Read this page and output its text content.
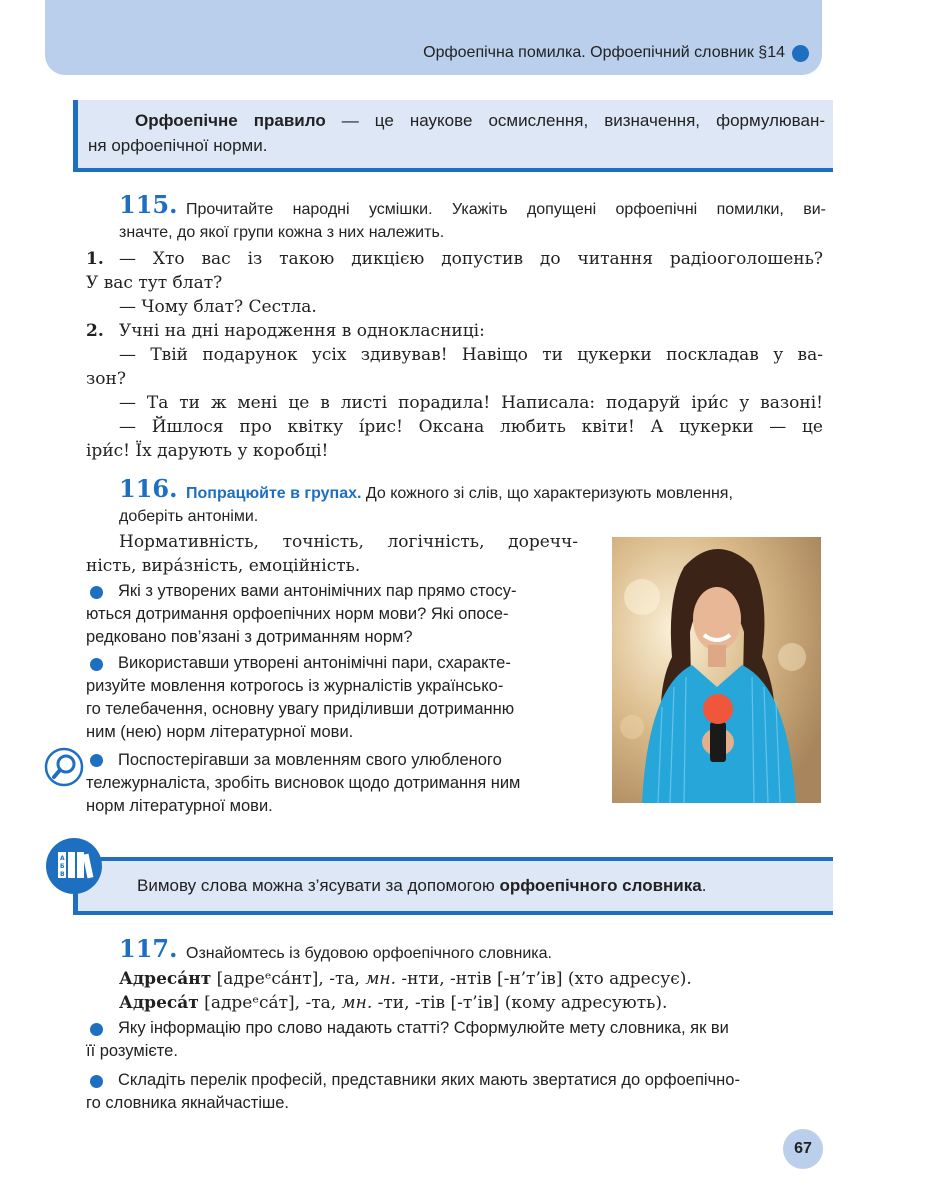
Орфоепічна помилка. Орфоепічний словник §14
Орфоепічне правило — це наукове осмислення, визначення, формулюван-
ня орфоепічної норми.
115. Прочитайте народні усмішки. Укажіть допущені орфоепічні помилки, ви-
значте, до якої групи кожна з них належить.
1. — Хто вас із такою дикцією допустив до читання радіооголошень?
У вас тут блат?
— Чому блат? Сестла.
2. Учні на дні народження в однокласниці:
— Твій подарунок усіх здивував! Навіщо ти цукерки поскладав у ва-
зон?
— Та ти ж мені це в листі порадила! Написала: подаруй іри́с у вазоні!
— Йшлося про квітку і́рис! Оксана любить квіти! А цукерки — це
іри́с! Їх дарують у коробці!
116. Попрацюйте в групах. До кожного зі слів, що характеризують мовлення,
доберіть антоніми.
Нормативність, точність, логічність, доречч-
ність, вира́зність, емоційність.
Які з утворених вами антонімічних пар прямо стосу-
ються дотримання орфоепічних норм мови? Які опосе-
редковано пов’язані з дотриманням норм?
Використавши утворені антонімічні пари, схарактe-
ризуйте мовлення котрогось із журналістів українсько-
го телебачення, основну увагу приділивши дотриманню
ним (нею) норм літературної мови.
Поспостерігавши за мовленням свого улюбленого
тележурналіста, зробіть висновок щодо дотримання ним
норм літературної мови.
А
Б
В
Вимову слова можна з’ясувати за допомогою орфоепічного словника.
117. Ознайомтесь із будовою орфоепічного словника.
Адреса́нт [адреᵉса́нт], -та, мн. -нти, -нтів [-н’т’ів] (хто адресує).
Адреса́т [адреᵉса́т], -та, мн. -ти, -тів [-т’ів] (кому адресують).
Яку інформацію про слово надають статті? Сформулюйте мету словника, як ви
її розумієте.
Складіть перелік професій, представники яких мають звертатися до орфоепічно-
го словника якнайчастіше.
67
